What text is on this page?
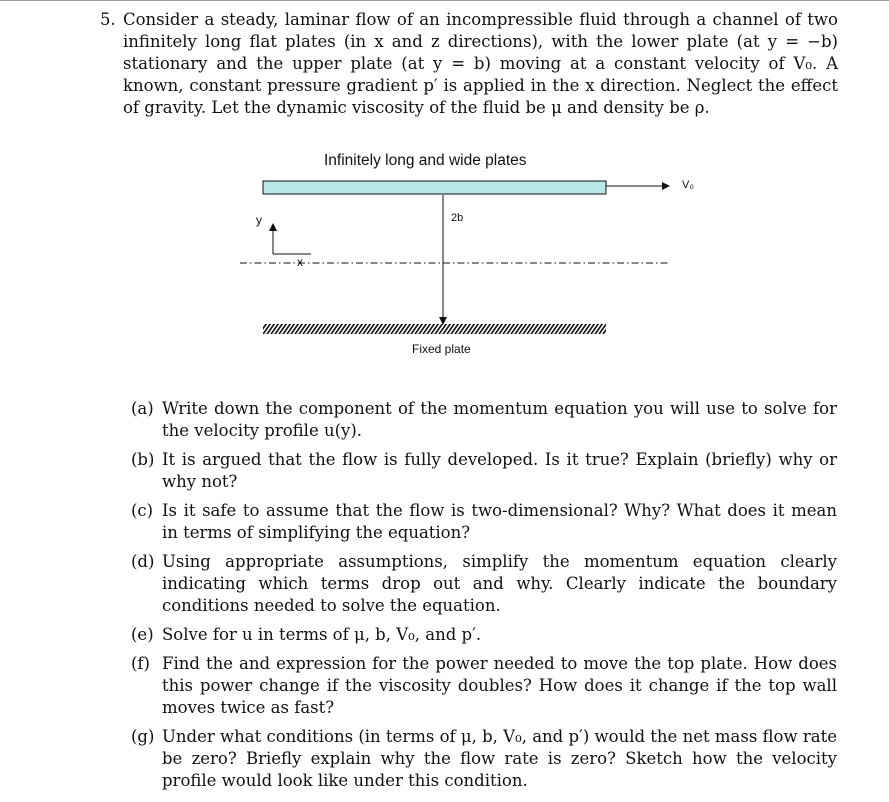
5. Consider a steady, laminar flow of an incompressible fluid through a channel of two infinitely long flat plates (in x and z directions), with the lower plate (at y = −b) stationary and the upper plate (at y = b) moving at a constant velocity of V₀. A known, constant pressure gradient p′ is applied in the x direction. Neglect the effect of gravity. Let the dynamic viscosity of the fluid be μ and density be ρ.
Infinitely long and wide plates
V₀
2b
y
x
Fixed plate
(a) Write down the component of the momentum equation you will use to solve for the velocity profile u(y).
(b) It is argued that the flow is fully developed. Is it true? Explain (briefly) why or why not?
(c) Is it safe to assume that the flow is two-dimensional? Why? What does it mean in terms of simplifying the equation?
(d) Using appropriate assumptions, simplify the momentum equation clearly indicating which terms drop out and why. Clearly indicate the boundary conditions needed to solve the equation.
(e) Solve for u in terms of μ, b, V₀, and p′.
(f) Find the and expression for the power needed to move the top plate. How does this power change if the viscosity doubles? How does it change if the top wall moves twice as fast?
(g) Under what conditions (in terms of μ, b, V₀, and p′) would the net mass flow rate be zero? Briefly explain why the flow rate is zero? Sketch how the velocity profile would look like under this condition.
